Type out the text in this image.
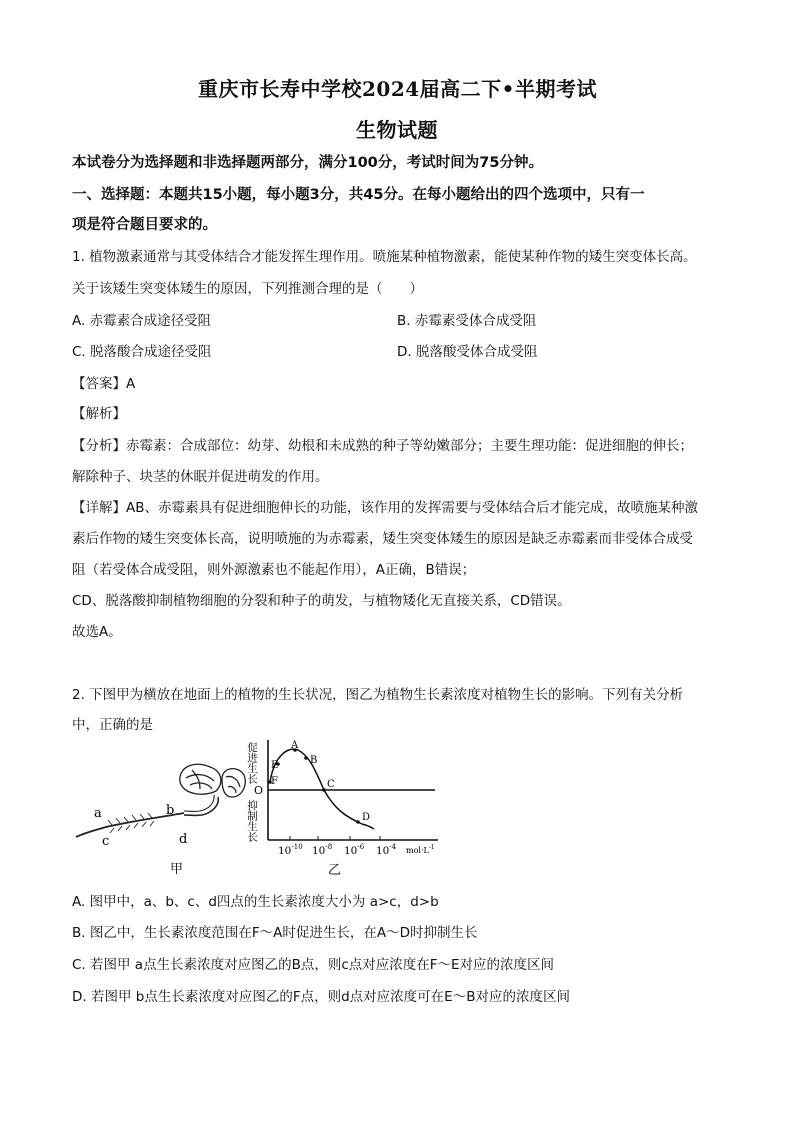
重庆市长寿中学校2024届高二下•半期考试
生物试题
本试卷分为选择题和非选择题两部分，满分100分，考试时间为75分钟。
一、选择题：本题共15小题，每小题3分，共45分。在每小题给出的四个选项中，只有一
项是符合题目要求的。
1. 植物激素通常与其受体结合才能发挥生理作用。喷施某种植物激素，能使某种作物的矮生突变体长高。
关于该矮生突变体矮生的原因，下列推测合理的是（　　）
A. 赤霉素合成途径受阻	B. 赤霉素受体合成受阻
C. 脱落酸合成途径受阻	D. 脱落酸受体合成受阻
【答案】A
【解析】
【分析】赤霉素：合成部位：幼芽、幼根和未成熟的种子等幼嫩部分；主要生理功能：促进细胞的伸长；
解除种子、块茎的休眠并促进萌发的作用。
【详解】AB、赤霉素具有促进细胞伸长的功能，该作用的发挥需要与受体结合后才能完成，故喷施某种激
素后作物的矮生突变体长高，说明喷施的为赤霉素，矮生突变体矮生的原因是缺乏赤霉素而非受体合成受
阻（若受体合成受阻，则外源激素也不能起作用），A正确，B错误；
CD、脱落酸抑制植物细胞的分裂和种子的萌发，与植物矮化无直接关系，CD错误。
故选A。
2. 下图甲为横放在地面上的植物的生长状况，图乙为植物生长素浓度对植物生长的影响。下列有关分析
中，正确的是
a	b
c	d
甲
促进生长
抑制生长
O
F
E
A
B
C
D
$10^{-10}$ $10^{-8}$ $10^{-6}$ $10^{-4}$ $mol\cdot L^{-1}$
乙
A. 图甲中，a、b、c、d四点的生长素浓度大小为 a>c，d>b
B. 图乙中，生长素浓度范围在F～A时促进生长，在A～D时抑制生长
C. 若图甲 a点生长素浓度对应图乙的B点，则c点对应浓度在F～E对应的浓度区间
D. 若图甲 b点生长素浓度对应图乙的F点，则d点对应浓度可在E～B对应的浓度区间
